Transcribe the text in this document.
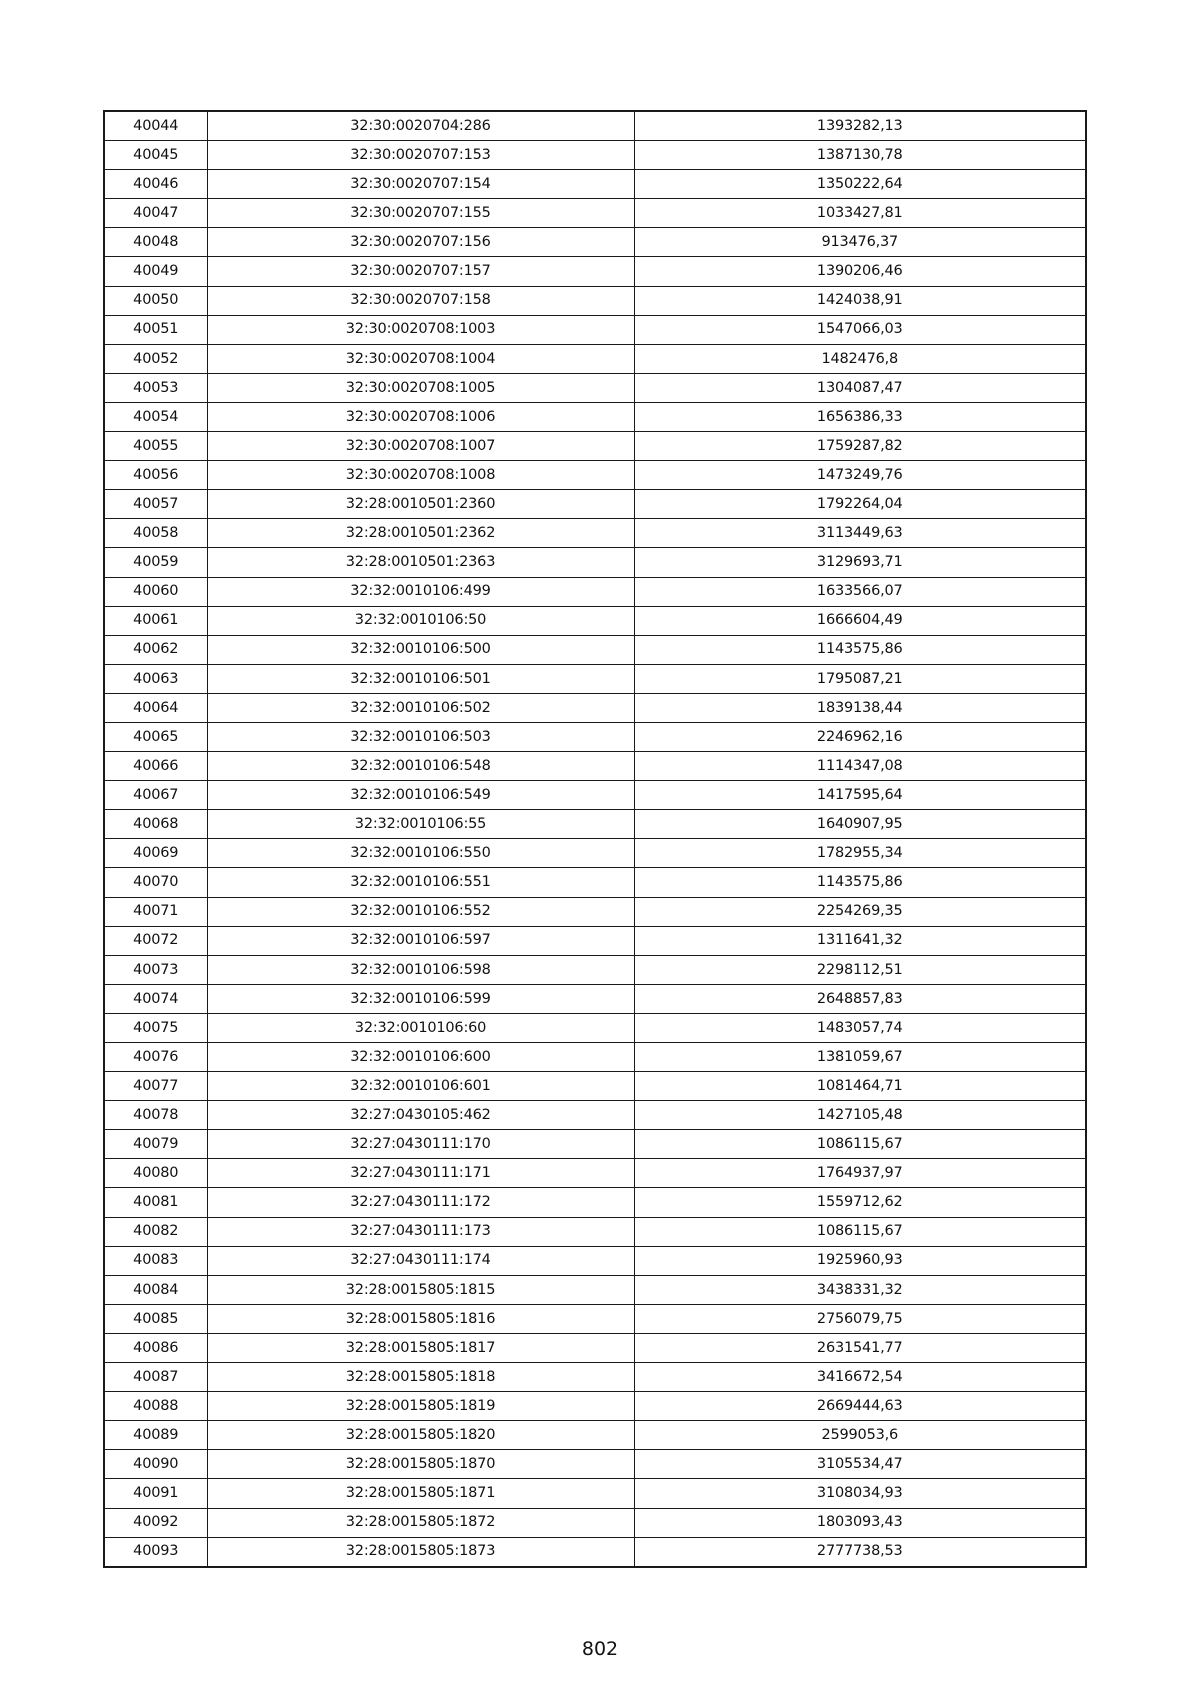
40044	32:30:0020704:286	1393282,13
40045	32:30:0020707:153	1387130,78
40046	32:30:0020707:154	1350222,64
40047	32:30:0020707:155	1033427,81
40048	32:30:0020707:156	913476,37
40049	32:30:0020707:157	1390206,46
40050	32:30:0020707:158	1424038,91
40051	32:30:0020708:1003	1547066,03
40052	32:30:0020708:1004	1482476,8
40053	32:30:0020708:1005	1304087,47
40054	32:30:0020708:1006	1656386,33
40055	32:30:0020708:1007	1759287,82
40056	32:30:0020708:1008	1473249,76
40057	32:28:0010501:2360	1792264,04
40058	32:28:0010501:2362	3113449,63
40059	32:28:0010501:2363	3129693,71
40060	32:32:0010106:499	1633566,07
40061	32:32:0010106:50	1666604,49
40062	32:32:0010106:500	1143575,86
40063	32:32:0010106:501	1795087,21
40064	32:32:0010106:502	1839138,44
40065	32:32:0010106:503	2246962,16
40066	32:32:0010106:548	1114347,08
40067	32:32:0010106:549	1417595,64
40068	32:32:0010106:55	1640907,95
40069	32:32:0010106:550	1782955,34
40070	32:32:0010106:551	1143575,86
40071	32:32:0010106:552	2254269,35
40072	32:32:0010106:597	1311641,32
40073	32:32:0010106:598	2298112,51
40074	32:32:0010106:599	2648857,83
40075	32:32:0010106:60	1483057,74
40076	32:32:0010106:600	1381059,67
40077	32:32:0010106:601	1081464,71
40078	32:27:0430105:462	1427105,48
40079	32:27:0430111:170	1086115,67
40080	32:27:0430111:171	1764937,97
40081	32:27:0430111:172	1559712,62
40082	32:27:0430111:173	1086115,67
40083	32:27:0430111:174	1925960,93
40084	32:28:0015805:1815	3438331,32
40085	32:28:0015805:1816	2756079,75
40086	32:28:0015805:1817	2631541,77
40087	32:28:0015805:1818	3416672,54
40088	32:28:0015805:1819	2669444,63
40089	32:28:0015805:1820	2599053,6
40090	32:28:0015805:1870	3105534,47
40091	32:28:0015805:1871	3108034,93
40092	32:28:0015805:1872	1803093,43
40093	32:28:0015805:1873	2777738,53
802
